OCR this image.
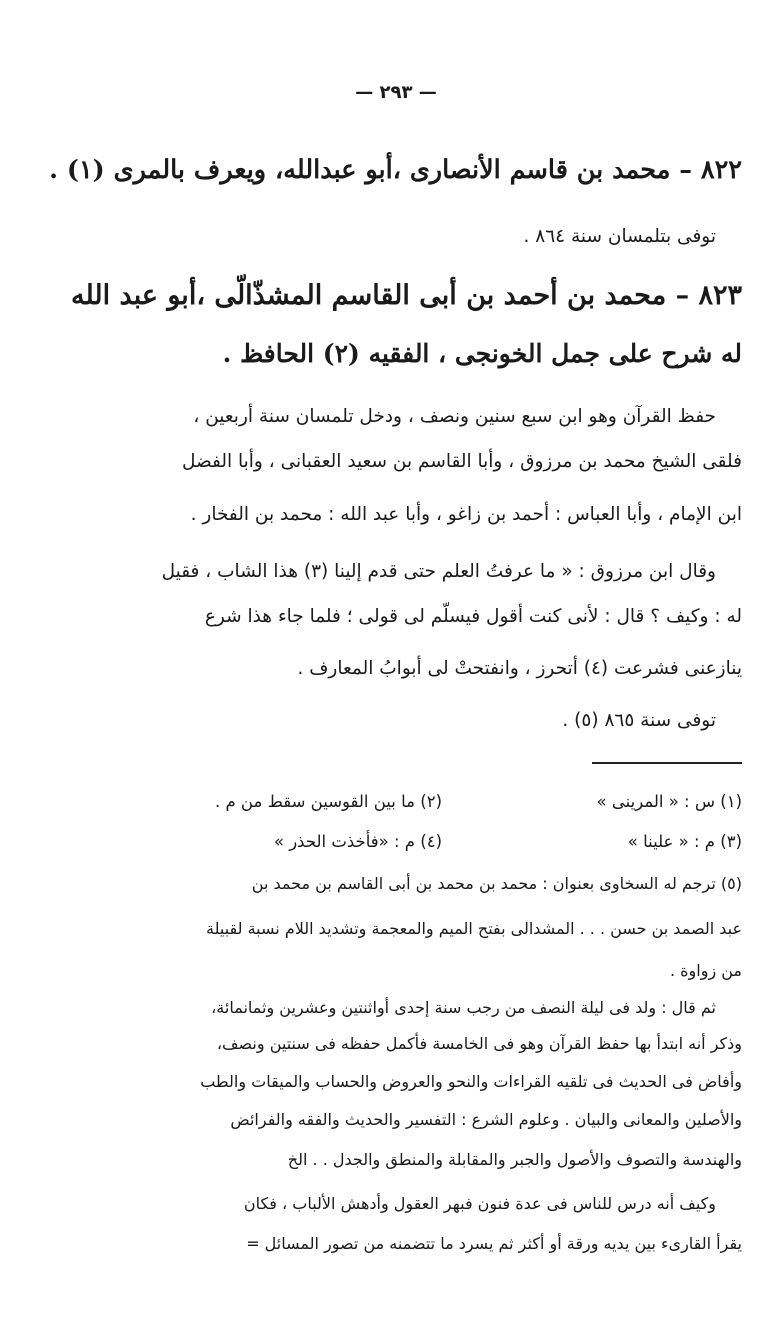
— ٢٩٣ —
٨٢٢ – محمد بن قاسم الأنصارى ،أبو عبدالله، ويعرف بالمرى (١) .
توفى بتلمسان سنة ٨٦٤ .
٨٢٣ – محمد بن أحمد بن أبى القاسم المشذّالّى ،أبو عبد الله
له شرح على جمل الخونجى ، الفقيه (٢) الحافظ .
حفظ القرآن وهو ابن سبع سنين ونصف ، ودخل تلمسان سنة أربعين ،
فلقى الشيخ محمد بن مرزوق ، وأبا القاسم بن سعيد العقبانى ، وأبا الفضل
ابن الإمام ، وأبا العباس : أحمد بن زاغو ، وأبا عبد الله : محمد بن الفخار .
وقال ابن مرزوق : « ما عرفتُ العلم حتى قدم إلينا (٣) هذا الشاب ، فقيل
له : وكيف ؟ قال : لأنى كنت أقول فيسلّم لى قولى ؛ فلما جاء هذا شرع
ينازعنى فشرعت (٤) أتحرز ، وانفتحتْ لى أبوابُ المعارف .
توفى سنة ٨٦٥ (٥) .
(١) س : « المرينى »
(٢) ما بين القوسين سقط من م .
(٣) م : « علينا »
(٤) م : «فأخذت الحذر »
(٥) ترجم له السخاوى بعنوان : محمد بن محمد بن أبى القاسم بن محمد بن
عبد الصمد بن حسن . . . المشدالى بفتح الميم والمعجمة وتشديد اللام نسبة لقبيلة
من زواوة .
ثم قال : ولد فى ليلة النصف من رجب سنة إحدى أواثنتين وعشرين وثمانمائة،
وذكر أنه ابتدأ بها حفظ القرآن وهو فى الخامسة فأكمل حفظه فى سنتين ونصف،
وأفاض فى الحديث فى تلقيه القراءات والنحو والعروض والحساب والميقات والطب
والأصلين والمعانى والبيان . وعلوم الشرع : التفسير والحديث والفقه والفرائض
والهندسة والتصوف والأصول والجبر والمقابلة والمنطق والجدل . . الخ
وكيف أنه درس للناس فى عدة فنون فبهر العقول وأدهش الألباب ، فكان
يقرأ القارىء بين يديه ورقة أو أكثر ثم يسرد ما تتضمنه من تصور المسائل =
